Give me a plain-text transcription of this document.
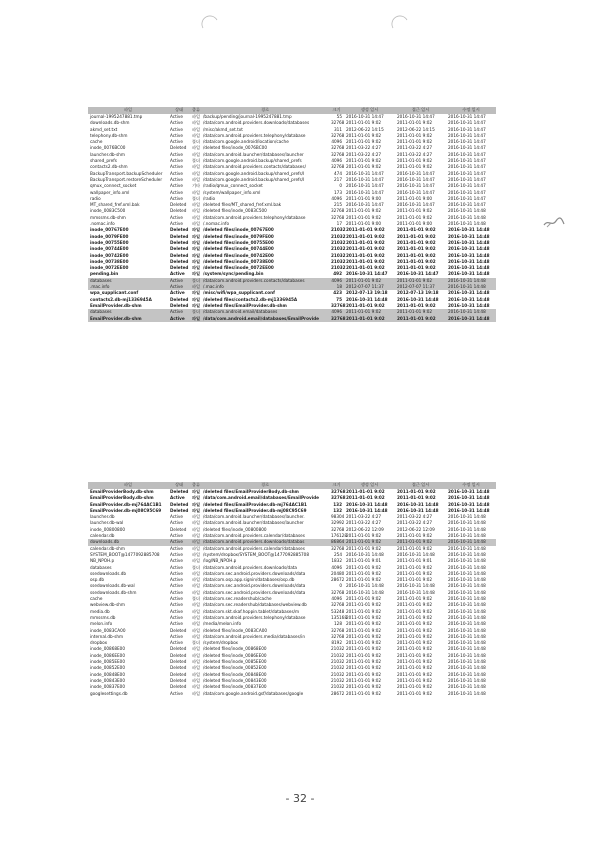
파일	상태	종류	경로	크기	생성 일시	접근 일시	수정 일시
journal-1995247881.tmp	Active	파일	/backup/pending/journal-1995247881.tmp	55	2016-10-31 14:47	2016-10-31 14:47	2016-10-31 14:47
downloads.db-shm	Active	파일	/data/com.android.providers.downloads/databases	32768	2011-01-01 9:02	2011-01-01 9:02	2016-10-31 14:47
akmd_set.txt	Active	파일	/misc/akmd_set.txt	311	2012-06-22 14:15	2012-06-22 14:15	2016-10-31 14:47
telephony.db-shm	Active	파일	/data/com.android.providers.telephony/database	32768	2011-01-01 9:02	2011-01-01 9:02	2016-10-31 14:47
cache	Active	폴더	/data/com.google.android/location/cache	4096	2011-01-01 9:02	2011-01-01 9:02	2016-10-31 14:47
inode_0076BC00	Deleted	파일	/deleted files/inode_0076BC00	32768	2011-03-22 4:27	2011-03-22 4:27	2016-10-31 14:47
launcher.db-shm	Active	파일	/data/com.android.launcher/databases/launcher	32768	2011-03-22 4:27	2011-03-22 4:27	2016-10-31 14:47
shared_prefs	Active	폴더	/data/com.google.android.backup/shared_prefs	4096	2011-01-01 9:02	2011-01-01 9:02	2016-10-31 14:47
contacts2.db-shm	Active	파일	/data/com.android.providers.contacts/databases/	32768	2011-01-01 9:02	2011-01-01 9:02	2016-10-31 14:47
BackupTransport.backupScheduler	Active	파일	/data/com.google.android.backup/shared_prefs/I	474	2016-10-31 14:47	2016-10-31 14:47	2016-10-31 14:47
BackupTransport.restoreScheduler	Active	파일	/data/com.google.android.backup/shared_prefs/I	217	2016-10-31 14:47	2016-10-31 14:47	2016-10-31 14:47
qmux_connect_socket	Active	기타	/radio/qmux_connect_socket	0	2016-10-31 14:47	2016-10-31 14:47	2016-10-31 14:47
wallpaper_info.xml	Active	파일	/system/wallpaper_info.xml	173	2016-10-31 14:47	2016-10-31 14:47	2016-10-31 14:47
radio	Active	폴더	/radio	4096	2011-01-01 9:00	2011-01-01 9:00	2016-10-31 14:47
MT_shared_fref.xml.bak	Deleted	파일	/deleted files/MT_shared_fref.xml.bak	215	2016-10-31 14:47	2016-10-31 14:47	2016-10-31 14:47
inode_0083C500	Deleted	파일	/deleted files/inode_0083C500	32768	2011-01-01 9:02	2011-01-01 9:02	2016-10-31 14:48
mmssms.db-shm	Active	파일	/data/com.android.providers.telephony/database	32768	2011-01-01 9:02	2011-01-01 9:02	2016-10-31 14:48
.nomac.info	Active	파일	/.nomac.info	17	2011-01-01 9:00	2011-01-01 9:00	2016-10-31 14:48
inode_00767E00	Deleted	파일	/deleted files/inode_00767E00	21032	2011-01-01 9:02	2011-01-01 9:02	2016-10-31 14:48
inode_0079FE00	Deleted	파일	/deleted files/inode_0079FE00	21032	2011-01-01 9:02	2011-01-01 9:02	2016-10-31 14:48
inode_00755E00	Deleted	파일	/deleted files/inode_00755E00	21032	2011-01-01 9:02	2011-01-01 9:02	2016-10-31 14:48
inode_00744E00	Deleted	파일	/deleted files/inode_00744E00	21032	2011-01-01 9:02	2011-01-01 9:02	2016-10-31 14:48
inode_00742E00	Deleted	파일	/deleted files/inode_00742E00	21032	2011-01-01 9:02	2011-01-01 9:02	2016-10-31 14:48
inode_00738E00	Deleted	파일	/deleted files/inode_00738E00	21032	2011-01-01 9:02	2011-01-01 9:02	2016-10-31 14:48
inode_0072EE00	Deleted	파일	/deleted files/inode_0072EE00	21032	2011-01-01 9:02	2011-01-01 9:02	2016-10-31 14:48
pending.bin	Active	파일	/system/sync/pending.bin	492	2016-10-31 14:47	2016-10-31 14:47	2016-10-31 14:48
databases	Active	폴더	/data/com.android.providers.contacts/databases	4096	2011-01-01 9:02	2011-01-01 9:02	2016-10-31 14:48
.mac.info	Active	파일	/.mac.info	18	2012-07-07 11:37	2012-07-07 11:37	2016-10-31 14:48
wpa_supplicant.conf	Active	파일	/misc/wifi/wpa_supplicant.conf	423	2012-07-13 19:18	2012-07-13 19:18	2016-10-31 14:48
contacts2.db-mj1336945A	Deleted	파일	/deleted files/contacts2.db-mj1336945A	75	2016-10-31 14:48	2016-10-31 14:48	2016-10-31 14:48
EmailProvider.db-shm	Deleted	파일	/deleted files/EmailProvider.db-shm	32768	2011-01-01 9:02	2011-01-01 9:02	2016-10-31 14:48
databases	Active	폴더	/data/com.android.email/databases	4096	2011-01-01 9:02	2011-01-01 9:02	2016-10-31 14:48
EmailProvider.db-shm	Active	파일	/data/com.android.email/databases/EmailProvide	32768	2011-01-01 9:02	2011-01-01 9:02	2016-10-31 14:48
파일	상태	종류	경로	크기	생성 일시	접근 일시	수정 일시
EmailProviderBody.db-shm	Deleted	파일	/deleted files/EmailProviderBody.db-shm	32768	2011-01-01 9:02	2011-01-01 9:02	2016-10-31 14:48
EmailProviderBody.db-shm	Active	파일	/data/com.android.email/databases/EmailProvide	32768	2011-01-01 9:02	2011-01-01 9:02	2016-10-31 14:48
EmailProvider.db-mj764AC1B1	Deleted	파일	/deleted files/EmailProvider.db-mj764AC1B1	132	2016-10-31 14:48	2016-10-31 14:48	2016-10-31 14:48
EmailProvider.db-mj08C95C69	Deleted	파일	/deleted files/EmailProvider.db-mj08C95C69	132	2016-10-31 14:48	2016-10-31 14:48	2016-10-31 14:48
launcher.db	Active	파일	/data/com.android.launcher/databases/launcher.	98304	2011-03-22 4:27	2011-03-22 4:27	2016-10-31 14:48
launcher.db-wal	Active	파일	/data/com.android.launcher/databases/launcher	32992	2011-03-22 4:27	2011-03-22 4:27	2016-10-31 14:48
inode_00800800	Deleted	파일	/deleted files/inode_00800800	32768	2012-06-22 12:09	2012-06-22 12:09	2016-10-31 14:48
calendar.db	Active	파일	/data/com.android.providers.calendar/databases	176128	2011-01-01 9:02	2011-01-01 9:02	2016-10-31 14:48
downloads.db	Active	파일	/data/com.android.providers.downloads/databas	86864	2011-01-01 9:02	2011-01-01 9:02	2016-10-31 14:48
calendar.db-shm	Active	파일	/data/com.android.providers.calendar/databases	32768	2011-01-01 9:02	2011-01-01 9:02	2016-10-31 14:48
SYSTEM_BOOT@1477092885708	Active	파일	/system/dropbox/SYSTEM_BOOT@1477092885708	254	2016-10-31 14:48	2016-10-31 14:48	2016-10-31 14:48
NB_NPOH.p	Active	파일	/log/NB_NPOH.p	1832	2011-01-01 9:01	2011-01-01 9:01	2016-10-31 14:48
databases	Active	폴더	/data/com.android.providers.downloads/data	4096	2011-01-01 9:02	2011-01-01 9:02	2016-10-31 14:48
ssedownloads.db	Active	파일	/data/com.sec.android.providers.downloads/data	20480	2011-01-01 9:02	2011-01-01 9:02	2016-10-31 14:48
osp.db	Active	파일	/data/com.osp.app.signin/databases/osp.db	28672	2011-01-01 9:02	2011-01-01 9:02	2016-10-31 14:48
ssedownloads.db-wal	Active	파일	/data/com.sec.android.providers.downloads/data	0	2016-10-31 14:48	2016-10-31 14:48	2016-10-31 14:48
ssedownloads.db-shm	Active	파일	/data/com.sec.android.providers.downloads/data	32768	2016-10-31 14:48	2016-10-31 14:48	2016-10-31 14:48
cache	Active	폴더	/data/com.sec.readershub/cache	4096	2011-01-01 9:02	2011-01-01 9:02	2016-10-31 14:48
webview.db-shm	Active	파일	/data/com.sec.readershub/databases/webview.db	32768	2011-01-01 9:02	2011-01-01 9:02	2016-10-31 14:48
media.db	Active	파일	/data/com.skt.skaf.hoppin.tablet/databases/m	53248	2011-01-01 9:02	2011-01-01 9:02	2016-10-31 14:48
mmssms.db	Active	파일	/data/com.android.providers.telephony/database	135168	2011-01-01 9:02	2011-01-01 9:02	2016-10-31 14:48
melon.info	Active	파일	/media/melon.info	128	2011-01-01 9:02	2011-01-01 9:02	2016-10-31 14:48
inode_0083CA00	Deleted	파일	/deleted files/inode_0083CA00	32768	2011-01-01 9:02	2011-01-01 9:02	2016-10-31 14:48
internal.db-shm	Active	파일	/data/com.android.providers.media/databases/in	32768	2011-01-01 9:02	2011-01-01 9:02	2016-10-31 14:48
dropbox	Active	폴더	/system/dropbox	8192	2011-01-01 9:02	2011-01-01 9:02	2016-10-31 14:48
inode_00868E00	Deleted	파일	/deleted files/inode_00868E00	21032	2011-01-01 9:02	2011-01-01 9:02	2016-10-31 14:48
inode_0086EE00	Deleted	파일	/deleted files/inode_0086EE00	21032	2011-01-01 9:02	2011-01-01 9:02	2016-10-31 14:48
inode_0085EE00	Deleted	파일	/deleted files/inode_0085EE00	21032	2011-01-01 9:02	2011-01-01 9:02	2016-10-31 14:48
inode_00852E00	Deleted	파일	/deleted files/inode_00852E00	21032	2011-01-01 9:02	2011-01-01 9:02	2016-10-31 14:48
inode_00848E00	Deleted	파일	/deleted files/inode_00848E00	21032	2011-01-01 9:02	2011-01-01 9:02	2016-10-31 14:48
inode_00843E00	Deleted	파일	/deleted files/inode_00843E00	21032	2011-01-01 9:02	2011-01-01 9:02	2016-10-31 14:48
inode_00837E00	Deleted	파일	/deleted files/inode_00837E00	21032	2011-01-01 9:02	2011-01-01 9:02	2016-10-31 14:48
googlesettings.db	Active	파일	/data/com.google.android.gsf/databases/google	28672	2011-01-01 9:02	2011-01-01 9:02	2016-10-31 14:48
- 32 -
